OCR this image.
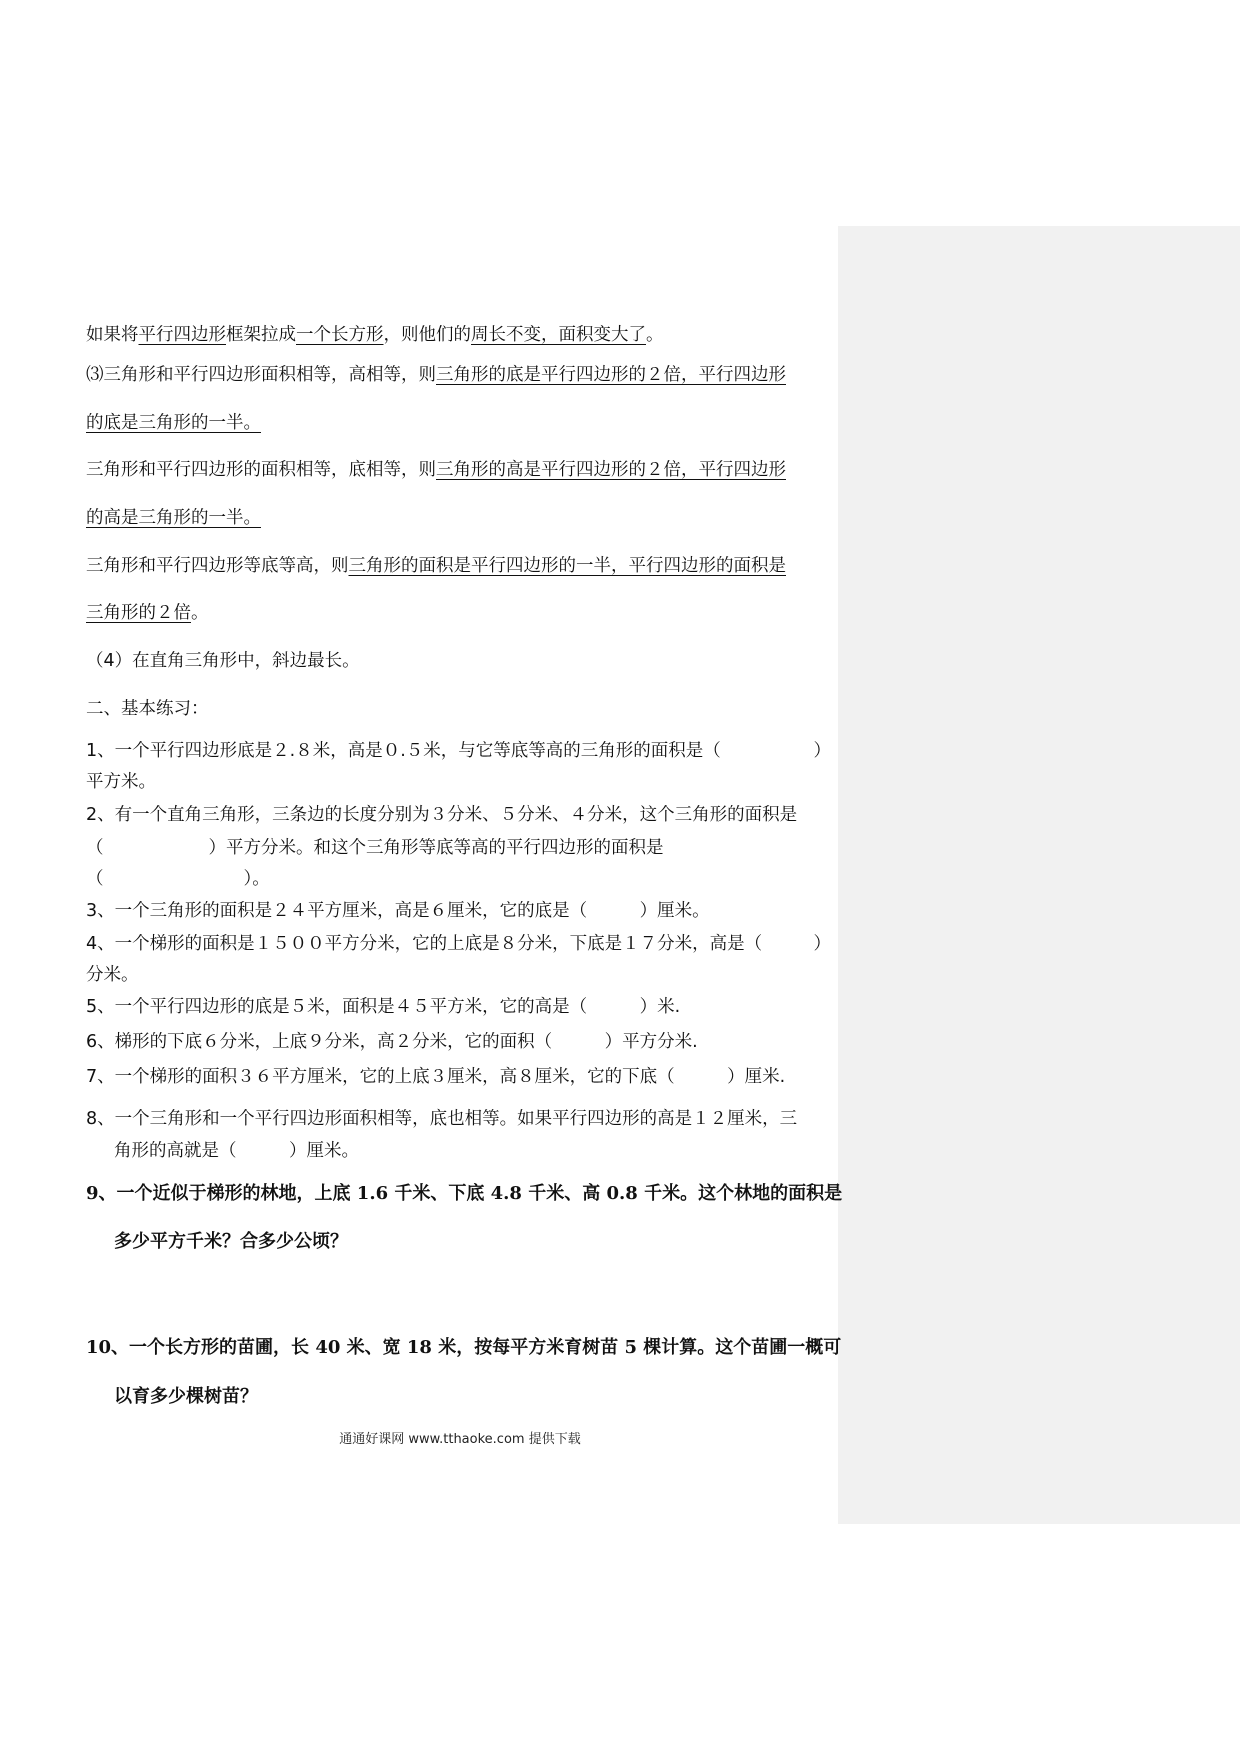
如果将平行四边形框架拉成一个长方形，则他们的周长不变，面积变大了。
⑶三角形和平行四边形面积相等，高相等，则三角形的底是平行四边形的２倍，平行四边形
的底是三角形的一半。
三角形和平行四边形的面积相等，底相等，则三角形的高是平行四边形的２倍，平行四边形
的高是三角形的一半。
三角形和平行四边形等底等高，则三角形的面积是平行四边形的一半，平行四边形的面积是
三角形的２倍。
（4）在直角三角形中，斜边最长。
二、基本练习：
1、一个平行四边形底是２.８米，高是０.５米，与它等底等高的三角形的面积是（	）
平方米。
2、有一个直角三角形，三条边的长度分别为３分米、５分米、４分米，这个三角形的面积是
（　　　　　　）平方分米。和这个三角形等底等高的平行四边形的面积是
（　　　　　　　　）。
3、一个三角形的面积是２４平方厘米，高是６厘米，它的底是（　　　）厘米。
4、一个梯形的面积是１５００平方分米，它的上底是８分米，下底是１７分米，高是（	）
分米。
5、一个平行四边形的底是５米，面积是４５平方米，它的高是（　　　）米.
6、梯形的下底６分米，上底９分米，高２分米，它的面积（　　　）平方分米.
7、一个梯形的面积３６平方厘米，它的上底３厘米，高８厘米，它的下底（　　　）厘米.
8、一个三角形和一个平行四边形面积相等，底也相等。如果平行四边形的高是１２厘米，三
角形的高就是（　　　）厘米。
9、一个近似于梯形的林地，上底 1.6 千米、下底 4.8 千米、高 0.8 千米。这个林地的面积是
多少平方千米？合多少公顷？
10、一个长方形的苗圃，长 40 米、宽 18 米，按每平方米育树苗 5 棵计算。这个苗圃一概可
以育多少棵树苗？
通通好课网 www.tthaoke.com 提供下载
